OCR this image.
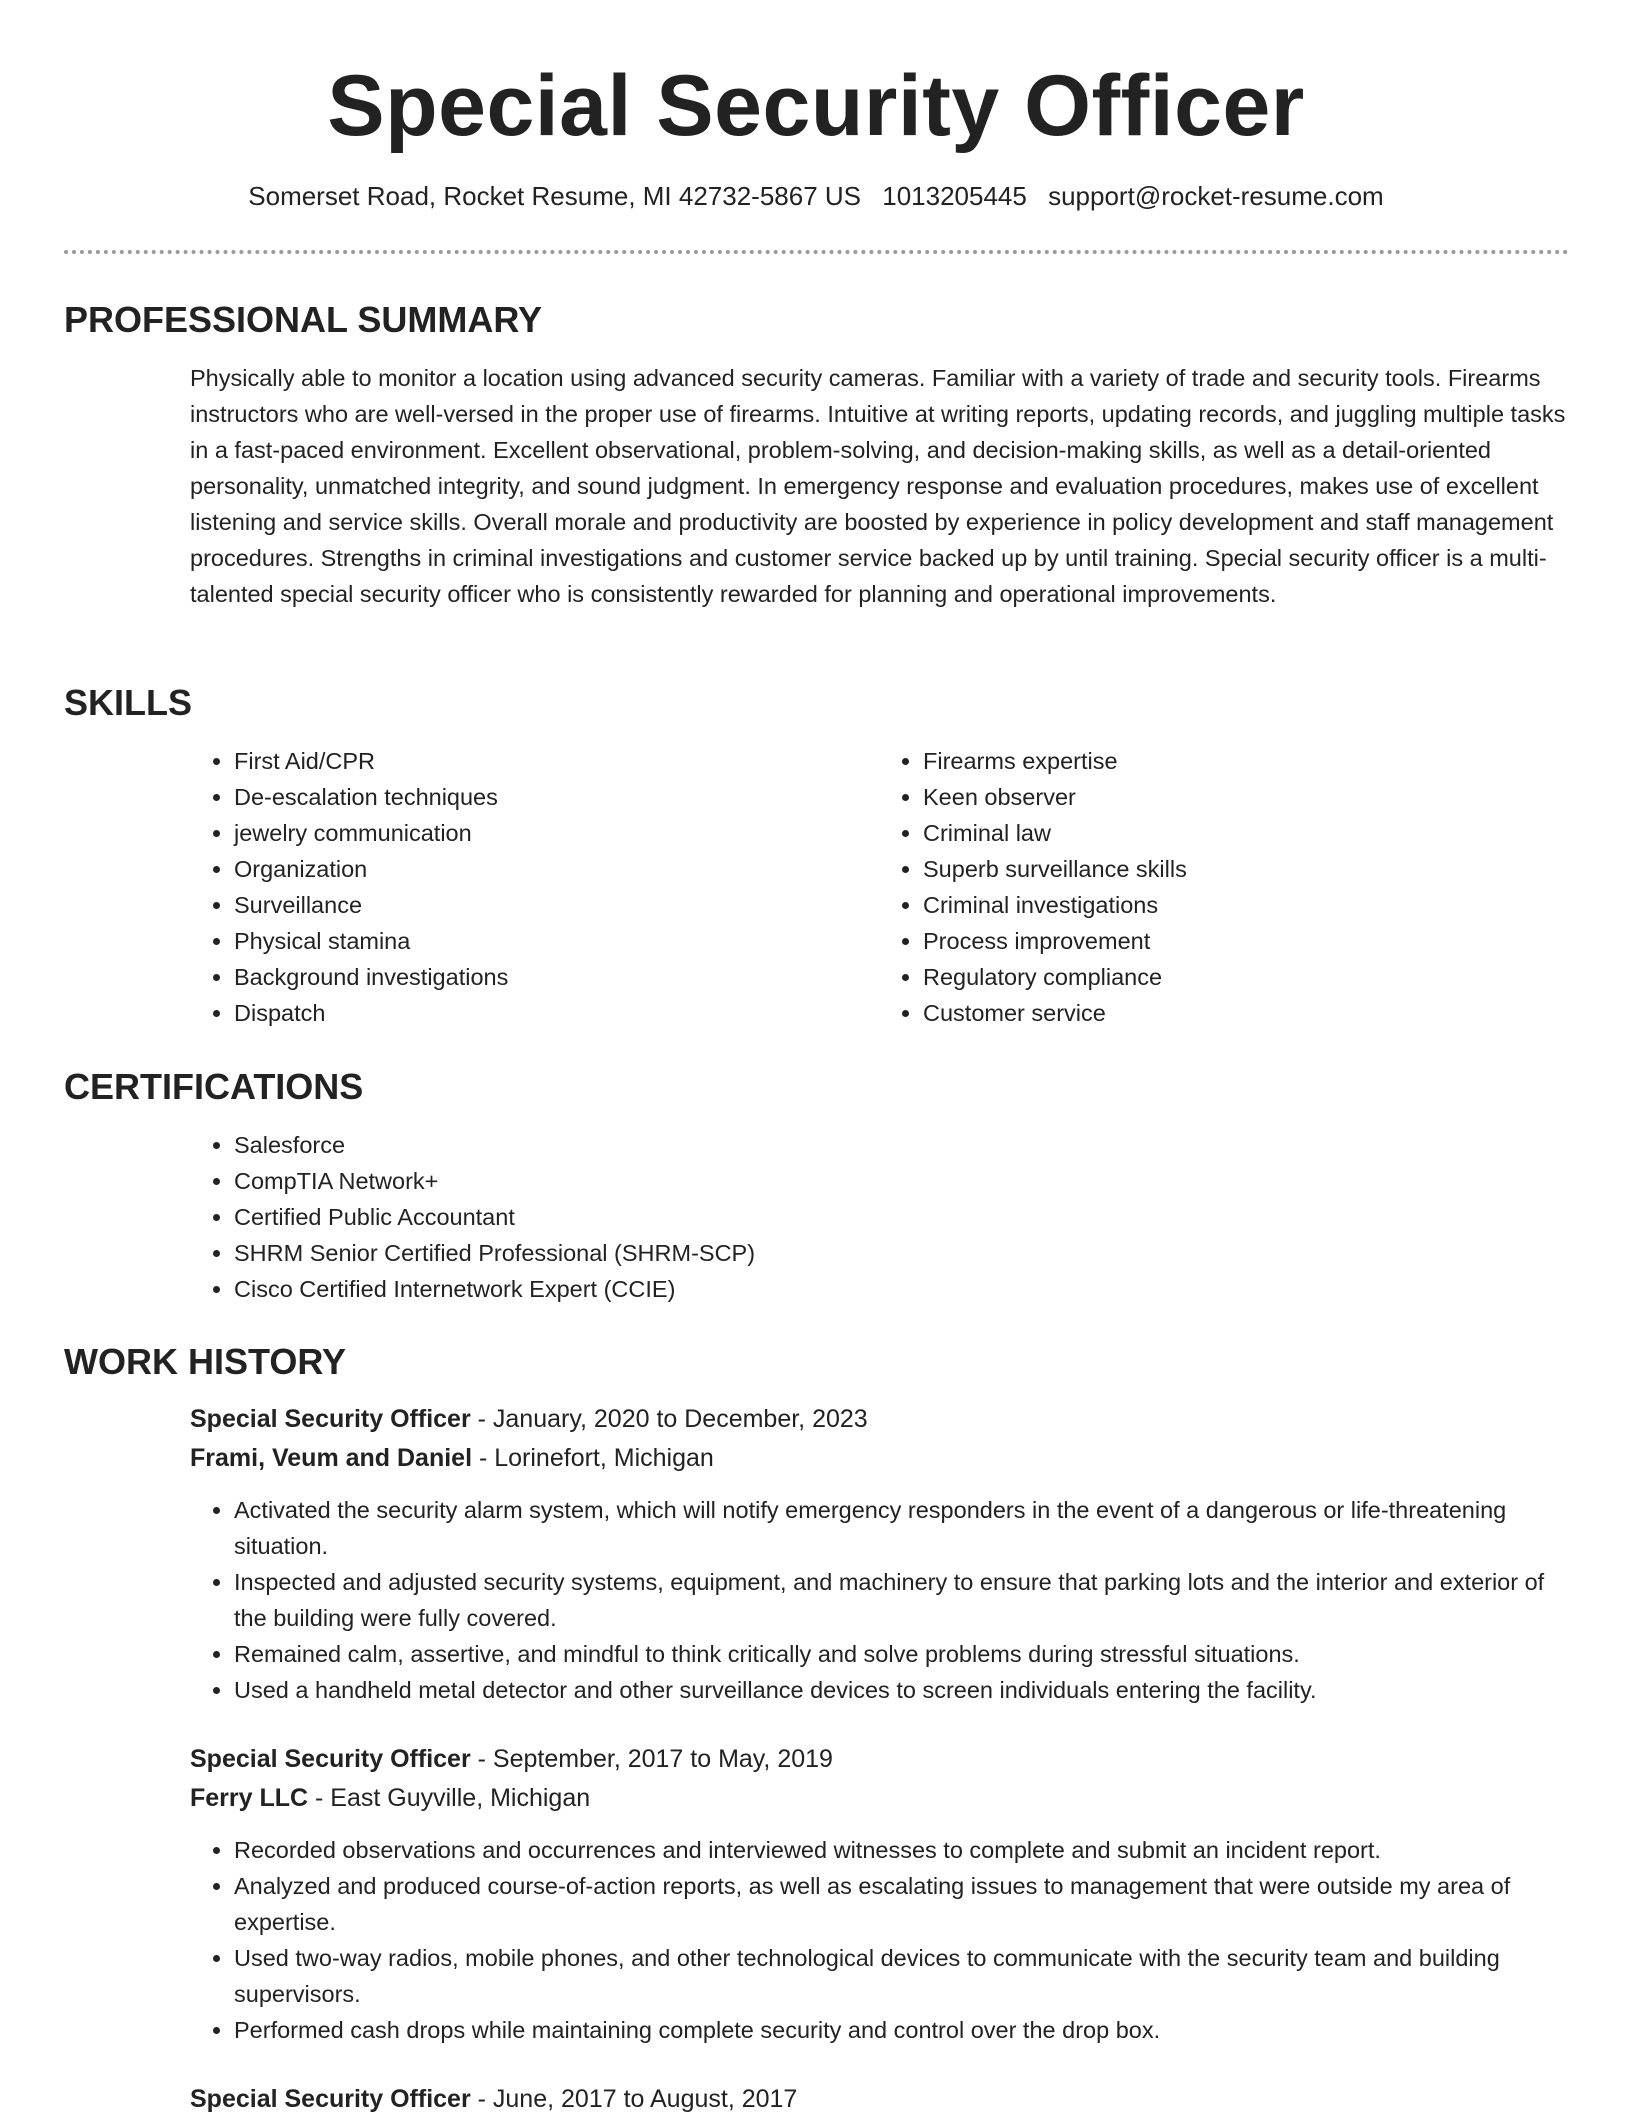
Special Security Officer
Somerset Road, Rocket Resume, MI 42732-5867 US 1013205445 support@rocket-resume.com
PROFESSIONAL SUMMARY

Physically able to monitor a location using advanced security cameras. Familiar with a variety of trade and security tools. Firearms instructors who are well-versed in the proper use of firearms. Intuitive at writing reports, updating records, and juggling multiple tasks in a fast-paced environment. Excellent observational, problem-solving, and decision-making skills, as well as a detail-oriented personality, unmatched integrity, and sound judgment. In emergency response and evaluation procedures, makes use of excellent listening and service skills. Overall morale and productivity are boosted by experience in policy development and staff management procedures. Strengths in criminal investigations and customer service backed up by until training. Special security officer is a multi-talented special security officer who is consistently rewarded for planning and operational improvements.

SKILLS
• First Aid/CPR
• De-escalation techniques
• jewelry communication
• Organization
• Surveillance
• Physical stamina
• Background investigations
• Dispatch
• Firearms expertise
• Keen observer
• Criminal law
• Superb surveillance skills
• Criminal investigations
• Process improvement
• Regulatory compliance
• Customer service
CERTIFICATIONS
• Salesforce
• CompTIA Network+
• Certified Public Accountant
• SHRM Senior Certified Professional (SHRM-SCP)
• Cisco Certified Internetwork Expert (CCIE)
WORK HISTORY
Special Security Officer - January, 2020 to December, 2023
Frami, Veum and Daniel - Lorinefort, Michigan
• Activated the security alarm system, which will notify emergency responders in the event of a dangerous or life-threatening situation.
• Inspected and adjusted security systems, equipment, and machinery to ensure that parking lots and the interior and exterior of the building were fully covered.
• Remained calm, assertive, and mindful to think critically and solve problems during stressful situations.
• Used a handheld metal detector and other surveillance devices to screen individuals entering the facility.
Special Security Officer - September, 2017 to May, 2019
Ferry LLC - East Guyville, Michigan
• Recorded observations and occurrences and interviewed witnesses to complete and submit an incident report.
• Analyzed and produced course-of-action reports, as well as escalating issues to management that were outside my area of expertise.
• Used two-way radios, mobile phones, and other technological devices to communicate with the security team and building supervisors.
• Performed cash drops while maintaining complete security and control over the drop box.
Special Security Officer - June, 2017 to August, 2017
